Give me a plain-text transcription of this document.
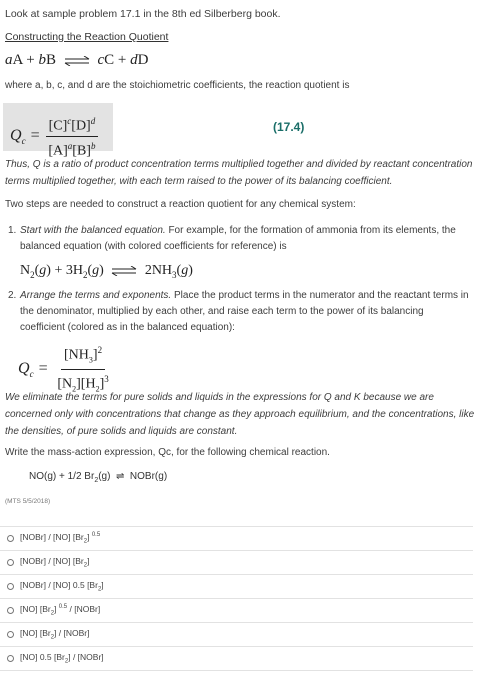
Look at sample problem 17.1 in the 8th ed Silberberg book.

Constructing the Reaction Quotient

aA + bB ⇌ cC + dD

where a, b, c, and d are the stoichiometric coefficients, the reaction quotient is

$Q_c = \frac{[C]^c[D]^d}{[A]^a[B]^b}$	(17.4)

Thus, Q is a ratio of product concentration terms multiplied together and divided by reactant concentration terms multiplied together, with each term raised to the power of its balancing coefficient.

Two steps are needed to construct a reaction quotient for any chemical system:

1. Start with the balanced equation. For example, for the formation of ammonia from its elements, the balanced equation (with colored coefficients for reference) is
$N_2(g) + 3H_2(g)$ ⇌ $2NH_3(g)$
2. Arrange the terms and exponents. Place the product terms in the numerator and the reactant terms in the denominator, multiplied by each other, and raise each term to the power of its balancing coefficient (colored as in the balanced equation):
$Q_c = \frac{[NH_3]^2}{[N_2][H_2]^3}$

We eliminate the terms for pure solids and liquids in the expressions for Q and K because we are concerned only with concentrations that change as they approach equilibrium, and the concentrations, like the densities, of pure solids and liquids are constant.

Write the mass-action expression, Qc, for the following chemical reaction.

NO(g) + 1/2 $Br_2(g)$  ⇌  NOBr(g)

(MTS 5/5/2018)

[NOBr] / [NO] $[Br_2]$ $^{0.5}$
[NOBr] / [NO] $[Br_2]$
[NOBr] / [NO] 0.5 $[Br_2]$
[NO] $[Br_2]$ $^{0.5}$ / [NOBr]
[NO] $[Br_2]$ / [NOBr]
[NO] 0.5 $[Br_2]$ / [NOBr]
